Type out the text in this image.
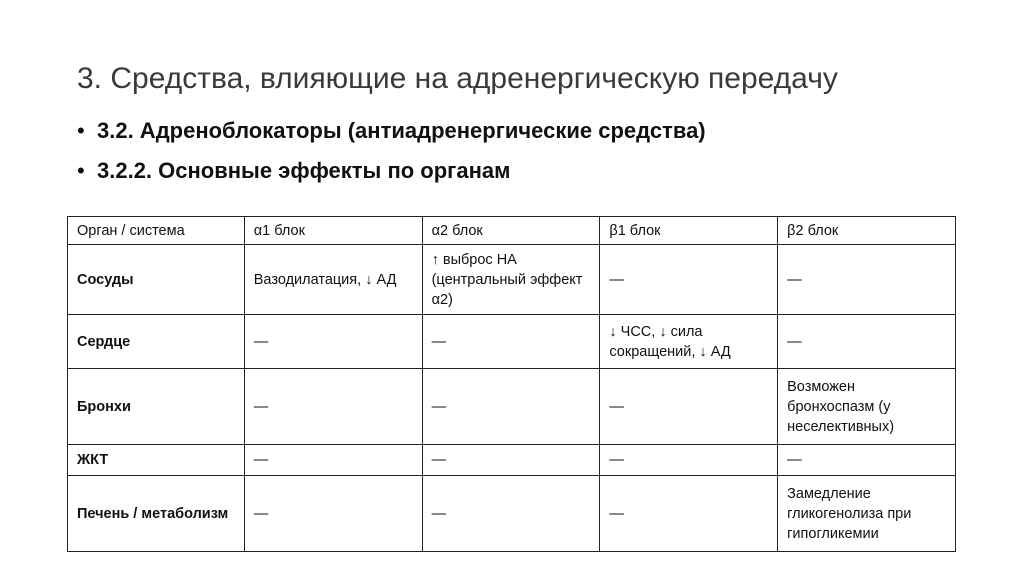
3. Средства, влияющие на адренергическую передачу
• 3.2. Адреноблокаторы (антиадренергические средства)
• 3.2.2. Основные эффекты по органам
Орган / система	α1 блок	α2 блок	β1 блок	β2 блок
Сосуды	Вазодилатация, ↓ АД	↑ выброс НА (центральный эффект α2)	—	—
Сердце	—	—	↓ ЧСС, ↓ сила сокращений, ↓ АД	—
Бронхи	—	—	—	Возможен бронхоспазм (у неселективных)
ЖКТ	—	—	—	—
Печень / метаболизм	—	—	—	Замедление гликогенолиза при гипогликемии
